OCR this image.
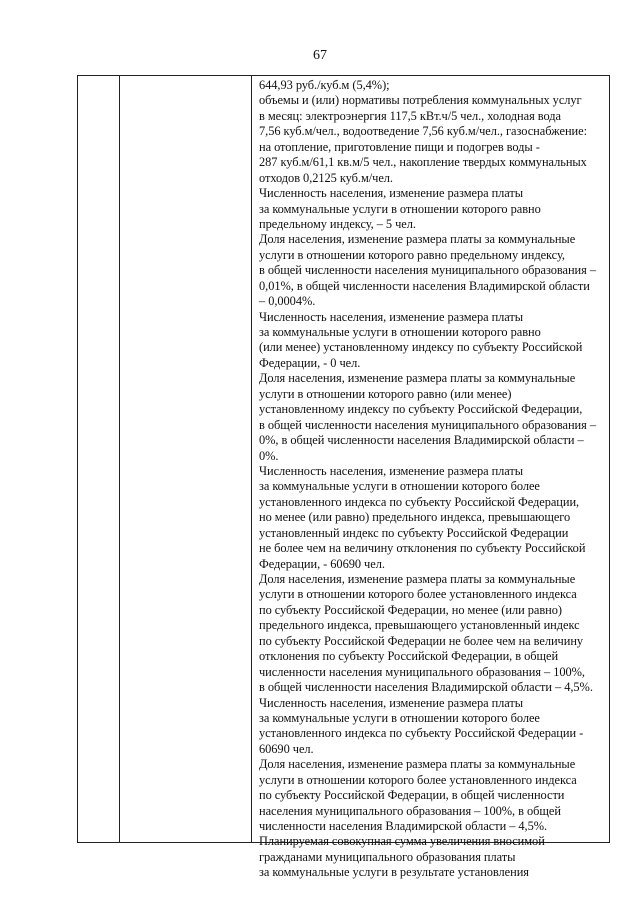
67
644,93 руб./куб.м (5,4%);
объемы и (или) нормативы потребления коммунальных услуг
в месяц: электроэнергия 117,5 кВт.ч/5 чел., холодная вода
7,56 куб.м/чел., водоотведение 7,56 куб.м/чел., газоснабжение:
на отопление, приготовление пищи и подогрев воды -
287 куб.м/61,1 кв.м/5 чел., накопление твердых коммунальных
отходов 0,2125 куб.м/чел.
Численность населения, изменение размера платы
за коммунальные услуги в отношении которого равно
предельному индексу, – 5 чел.
Доля населения, изменение размера платы за коммунальные
услуги в отношении которого равно предельному индексу,
в общей численности населения муниципального образования –
0,01%, в общей численности населения Владимирской области
– 0,0004%.
Численность населения, изменение размера платы
за коммунальные услуги в отношении которого равно
(или менее) установленному индексу по субъекту Российской
Федерации, - 0 чел.
Доля населения, изменение размера платы за коммунальные
услуги в отношении которого равно (или менее)
установленному индексу по субъекту Российской Федерации,
в общей численности населения муниципального образования –
0%, в общей численности населения Владимирской области –
0%.
Численность населения, изменение размера платы
за коммунальные услуги в отношении которого более
установленного индекса по субъекту Российской Федерации,
но менее (или равно) предельного индекса, превышающего
установленный индекс по субъекту Российской Федерации
не более чем на величину отклонения по субъекту Российской
Федерации, - 60690 чел.
Доля населения, изменение размера платы за коммунальные
услуги в отношении которого более установленного индекса
по субъекту Российской Федерации, но менее (или равно)
предельного индекса, превышающего установленный индекс
по субъекту Российской Федерации не более чем на величину
отклонения по субъекту Российской Федерации, в общей
численности населения муниципального образования – 100%,
в общей численности населения Владимирской области – 4,5%.
Численность населения, изменение размера платы
за коммунальные услуги в отношении которого более
установленного индекса по субъекту Российской Федерации -
60690 чел.
Доля населения, изменение размера платы за коммунальные
услуги в отношении которого более установленного индекса
по субъекту Российской Федерации, в общей численности
населения муниципального образования – 100%, в общей
численности населения Владимирской области – 4,5%.
Планируемая совокупная сумма увеличения вносимой
гражданами муниципального образования платы
за коммунальные услуги в результате установления
